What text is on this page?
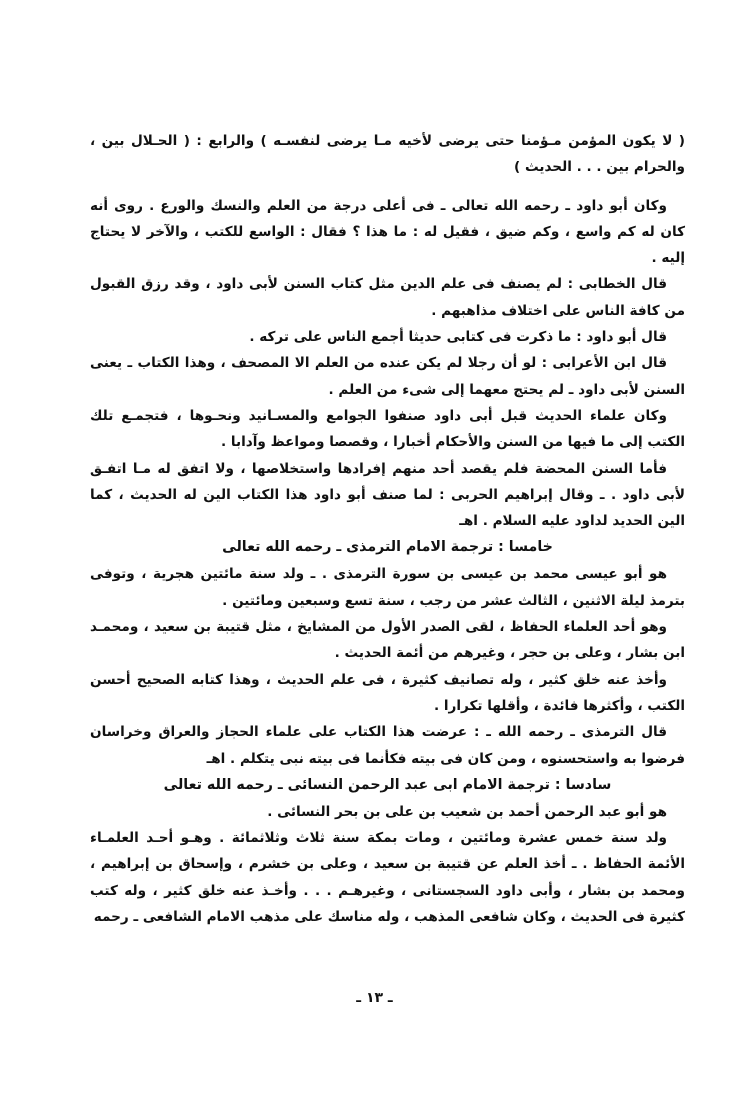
( لا يكون المؤمن مـؤمنا حتى يرضى لأخيه مـا يرضى لنفسـه ) والرابع : ( الحـلال بين ، والحرام بين . . . الحديث )

وكان أبو داود ـ رحمه الله تعالى ـ فى أعلى درجة من العلم والنسك والورع . روى أنه كان له كم واسع ، وكم ضيق ، فقيل له : ما هذا ؟ فقال : الواسع للكتب ، والآخر لا يحتاج إليه .

قال الخطابى : لم يصنف فى علم الدين مثل كتاب السنن لأبى داود ، وقد رزق القبول من كافة الناس على اختلاف مذاهبهم .

قال أبو داود : ما ذكرت فى كتابى حديثا أجمع الناس على تركه .

قال ابن الأعرابى : لو أن رجلا لم يكن عنده من العلم الا المصحف ، وهذا الكتاب ـ يعنى السنن لأبى داود ـ لم يحتج معهما إلى شىء من العلم .

وكان علماء الحديث قبل أبى داود صنفوا الجوامع والمسـانيد ونحـوها ، فتجمـع تلك الكتب إلى ما فيها من السنن والأحكام أخبارا ، وقصصا ومواعظ وآدابا .

فأما السنن المحضة فلم يقصد أحد منهم إفرادها واستخلاصها ، ولا اتفق له مـا اتفـق لأبى داود . ـ وقال إبراهيم الحربى : لما صنف أبو داود هذا الكتاب الين له الحديث ، كما الين الحديد لداود عليه السلام . اهـ

خامسا : ترجمة الامام الترمذى ـ رحمه الله تعالى

هو أبو عيسى محمد بن عيسى بن سورة الترمذى . ـ ولد سنة مائتين هجرية ، وتوفى بترمذ ليلة الاثنين ، الثالث عشر من رجب ، سنة تسع وسبعين ومائتين .

وهو أحد العلماء الحفاظ ، لقى الصدر الأول من المشايخ ، مثل قتيبة بن سعيد ، ومحمـد ابن بشار ، وعلى بن حجر ، وغيرهم من أئمة الحديث .

وأخذ عنه خلق كثير ، وله تصانيف كثيرة ، فى علم الحديث ، وهذا كتابه الصحيح أحسن الكتب ، وأكثرها فائدة ، وأقلها تكرارا .

قال الترمذى ـ رحمه الله ـ : عرضت هذا الكتاب على علماء الحجاز والعراق وخراسان فرضوا به واستحسنوه ، ومن كان فى بيته فكأنما فى بيته نبى يتكلم . اهـ

سادسا : ترجمة الامام ابى عبد الرحمن النسائى ـ رحمه الله تعالى

هو أبو عبد الرحمن أحمد بن شعيب بن على بن بحر النسائى .

ولد سنة خمس عشرة ومائتين ، ومات بمكة سنة ثلاث وثلاثمائة . وهـو أحـد العلمـاء الأئمة الحفاظ . ـ أخذ العلم عن قتيبة بن سعيد ، وعلى بن خشرم ، وإسحاق بن إبراهيم ، ومحمد بن بشار ، وأبى داود السجستانى ، وغيرهـم . . . وأخـذ عنه خلق كثير ، وله كتب كثيرة فى الحديث ، وكان شافعى المذهب ، وله مناسك على مذهب الامام الشافعى ـ رحمه

ـ ١٣ ـ
